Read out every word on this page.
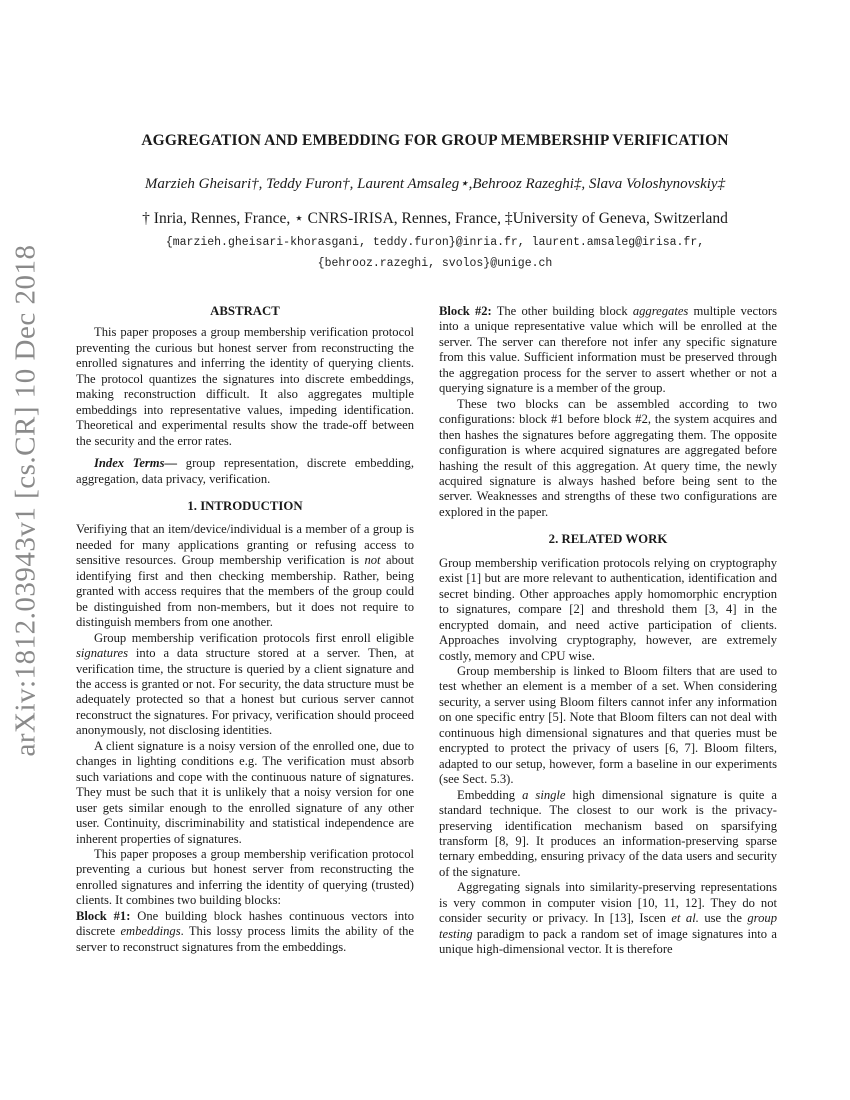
arXiv:1812.03943v1 [cs.CR] 10 Dec 2018
AGGREGATION AND EMBEDDING FOR GROUP MEMBERSHIP VERIFICATION
Marzieh Gheisari†, Teddy Furon†, Laurent Amsaleg⋆,Behrooz Razeghi‡, Slava Voloshynovskiy‡
† Inria, Rennes, France, ⋆ CNRS-IRISA, Rennes, France, ‡University of Geneva, Switzerland
{marzieh.gheisari-khorasgani, teddy.furon}@inria.fr, laurent.amsaleg@irisa.fr,
{behrooz.razeghi, svolos}@unige.ch
ABSTRACT

This paper proposes a group membership verification protocol preventing the curious but honest server from reconstructing the enrolled signatures and inferring the identity of querying clients. The protocol quantizes the signatures into discrete embeddings, making reconstruction difficult. It also aggregates multiple embeddings into representative values, impeding identification. Theoretical and experimental results show the trade-off between the security and the error rates.

Index Terms— group representation, discrete embedding, aggregation, data privacy, verification.

1. INTRODUCTION

Verifiying that an item/device/individual is a member of a group is needed for many applications granting or refusing access to sensitive resources. Group membership verification is not about identifying first and then checking membership. Rather, being granted with access requires that the members of the group could be distinguished from non-members, but it does not require to distinguish members from one another.

Group membership verification protocols first enroll eligible signatures into a data structure stored at a server. Then, at verification time, the structure is queried by a client signature and the access is granted or not. For security, the data structure must be adequately protected so that a honest but curious server cannot reconstruct the signatures. For privacy, verification should proceed anonymously, not disclosing identities.

A client signature is a noisy version of the enrolled one, due to changes in lighting conditions e.g. The verification must absorb such variations and cope with the continuous nature of signatures. They must be such that it is unlikely that a noisy version for one user gets similar enough to the enrolled signature of any other user. Continuity, discriminability and statistical independence are inherent properties of signatures.

This paper proposes a group membership verification protocol preventing a curious but honest server from reconstructing the enrolled signatures and inferring the identity of querying (trusted) clients. It combines two building blocks:

Block #1: One building block hashes continuous vectors into discrete embeddings. This lossy process limits the ability of the server to reconstruct signatures from the embeddings.

Block #2: The other building block aggregates multiple vectors into a unique representative value which will be enrolled at the server. The server can therefore not infer any specific signature from this value. Sufficient information must be preserved through the aggregation process for the server to assert whether or not a querying signature is a member of the group.

These two blocks can be assembled according to two configurations: block #1 before block #2, the system acquires and then hashes the signatures before aggregating them. The opposite configuration is where acquired signatures are aggregated before hashing the result of this aggregation. At query time, the newly acquired signature is always hashed before being sent to the server. Weaknesses and strengths of these two configurations are explored in the paper.

2. RELATED WORK

Group membership verification protocols relying on cryptography exist [1] but are more relevant to authentication, identification and secret binding. Other approaches apply homomorphic encryption to signatures, compare [2] and threshold them [3, 4] in the encrypted domain, and need active participation of clients. Approaches involving cryptography, however, are extremely costly, memory and CPU wise.

Group membership is linked to Bloom filters that are used to test whether an element is a member of a set. When considering security, a server using Bloom filters cannot infer any information on one specific entry [5]. Note that Bloom filters can not deal with continuous high dimensional signatures and that queries must be encrypted to protect the privacy of users [6, 7]. Bloom filters, adapted to our setup, however, form a baseline in our experiments (see Sect. 5.3).

Embedding a single high dimensional signature is quite a standard technique. The closest to our work is the privacy-preserving identification mechanism based on sparsifying transform [8, 9]. It produces an information-preserving sparse ternary embedding, ensuring privacy of the data users and security of the signature.

Aggregating signals into similarity-preserving representations is very common in computer vision [10, 11, 12]. They do not consider security or privacy. In [13], Iscen et al. use the group testing paradigm to pack a random set of image signatures into a unique high-dimensional vector. It is therefore
